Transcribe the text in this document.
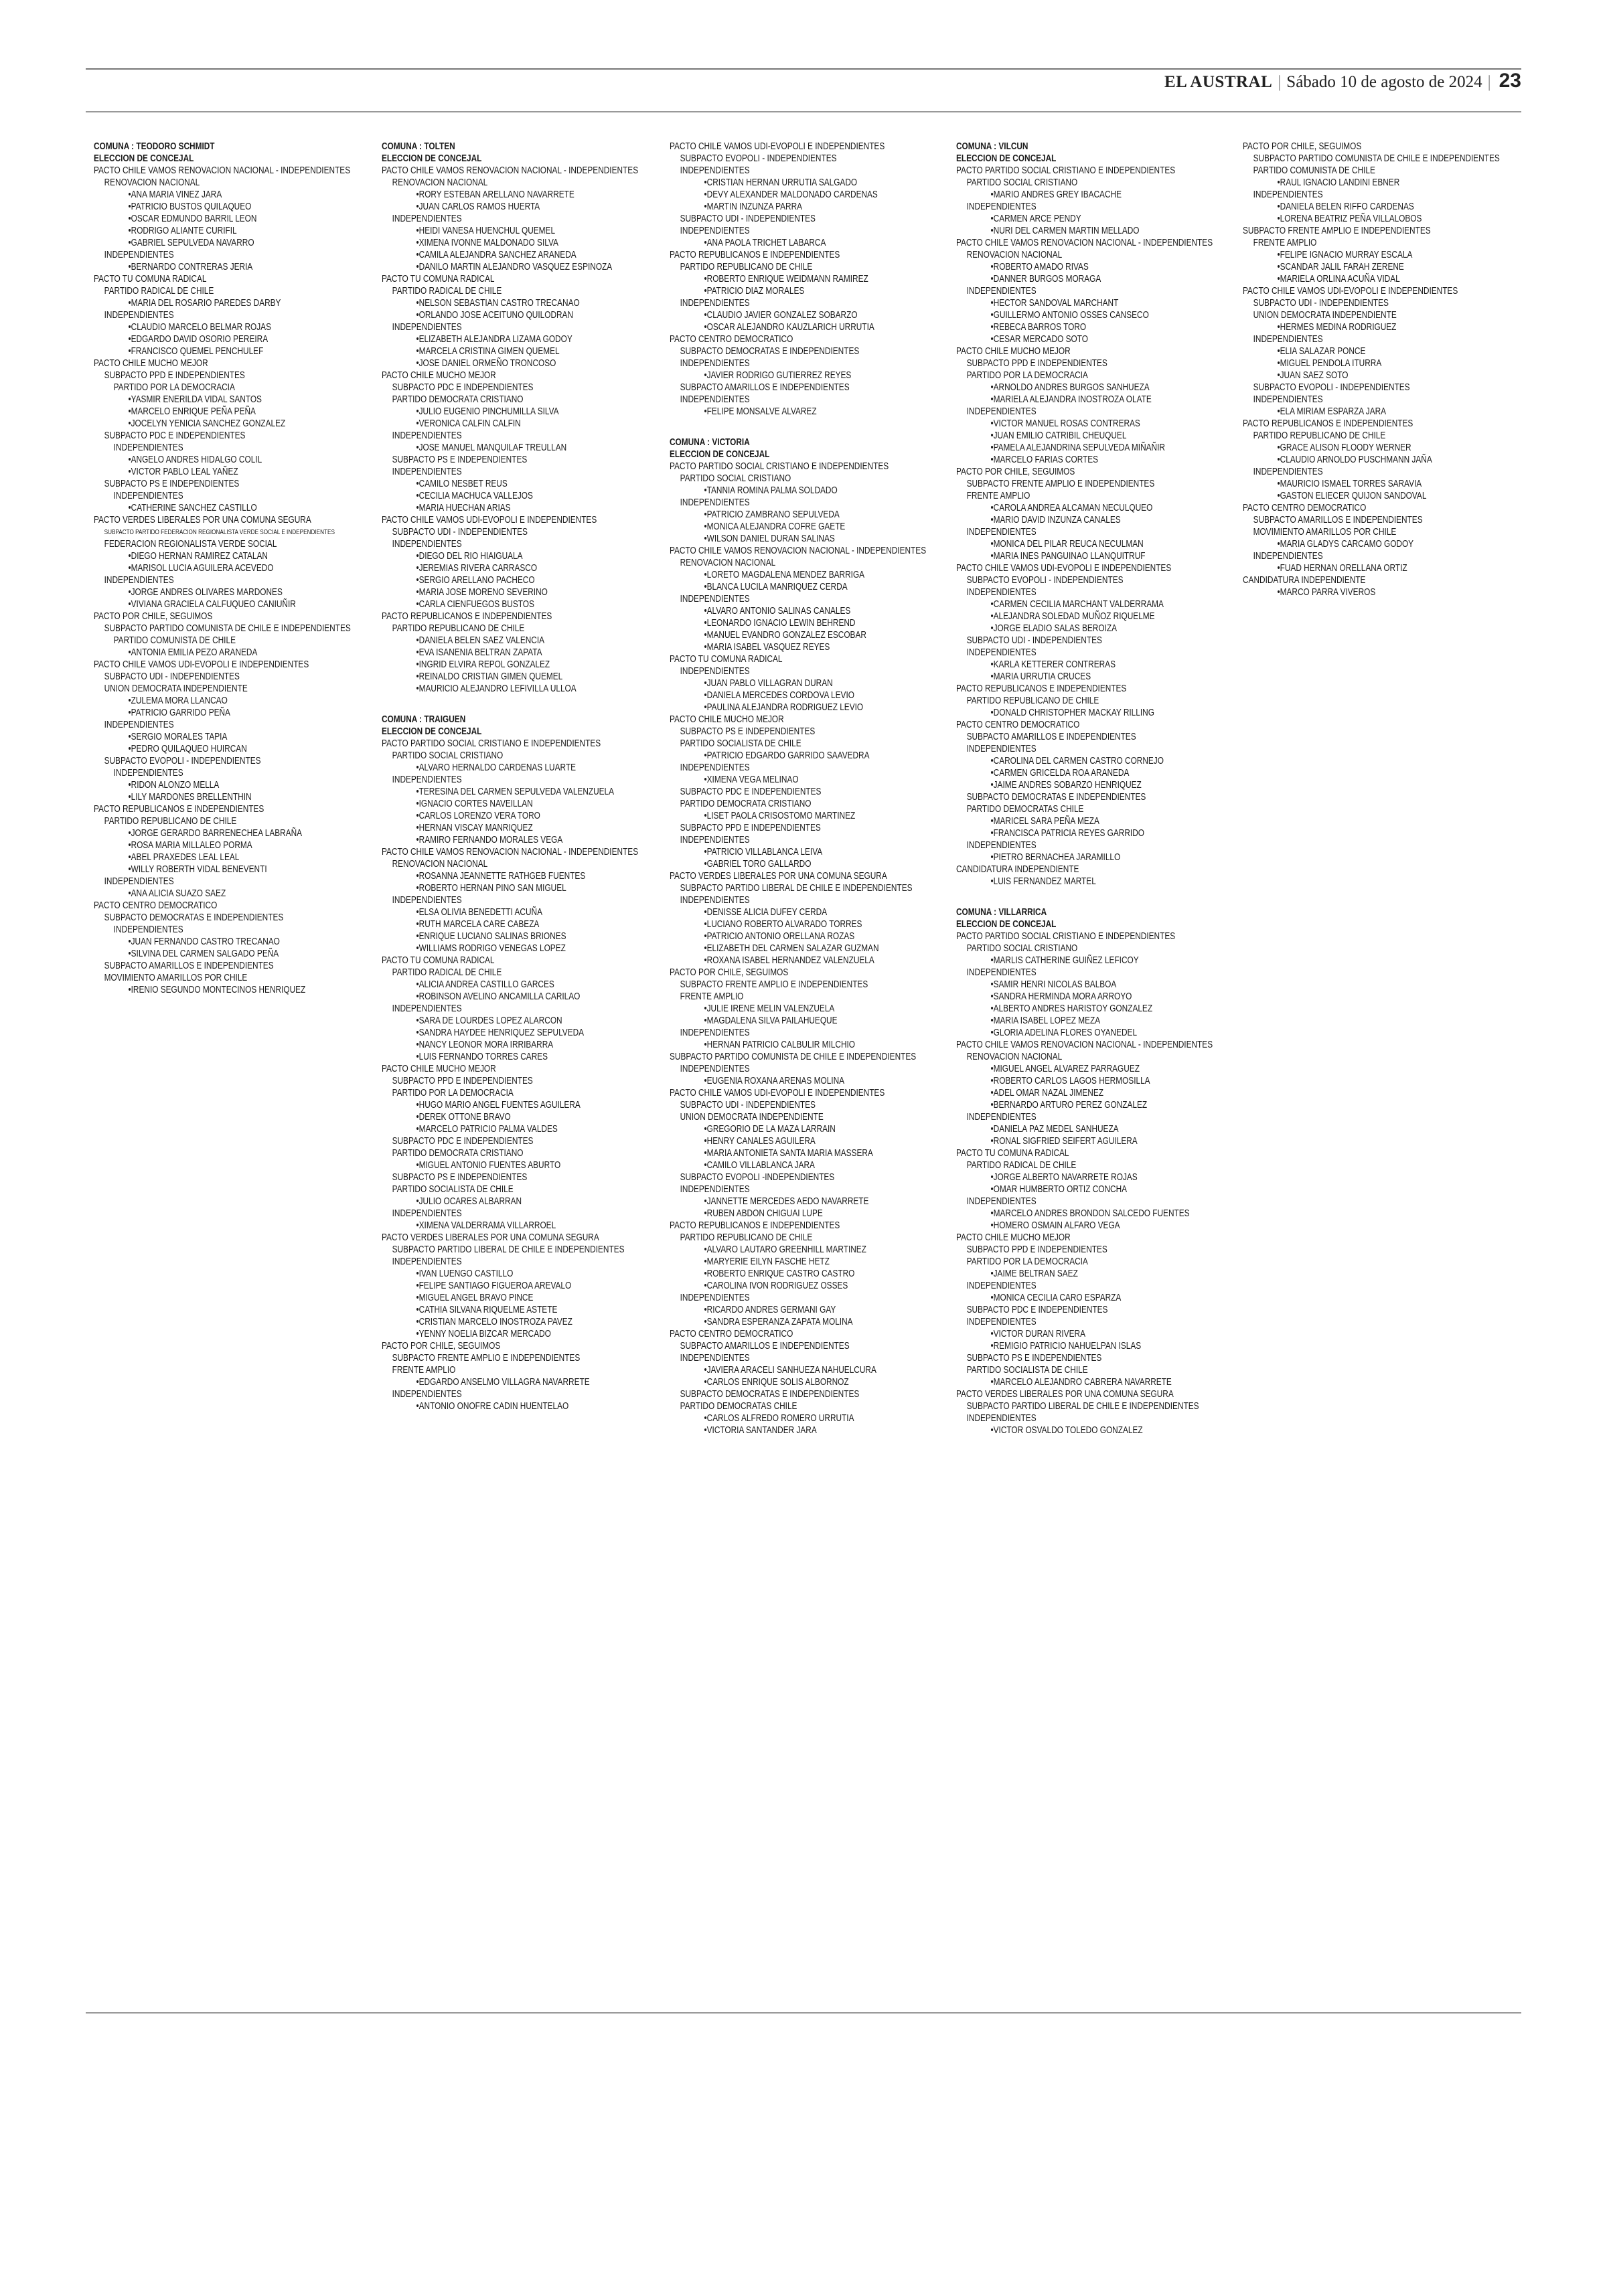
EL AUSTRAL | Sábado 10 de agosto de 2024 | 23
COMUNA : TEODORO SCHMIDT
ELECCION DE CONCEJAL
PACTO CHILE VAMOS RENOVACION NACIONAL - INDEPENDIENTES
RENOVACION NACIONAL
• ANA MARIA VINEZ JARA
• PATRICIO BUSTOS QUILAQUEO
• OSCAR EDMUNDO BARRIL LEON
• RODRIGO ALIANTE CURIFIL
• GABRIEL SEPULVEDA NAVARRO
INDEPENDIENTES
• BERNARDO CONTRERAS JERIA
PACTO TU COMUNA RADICAL
PARTIDO RADICAL DE CHILE
• MARIA DEL ROSARIO PAREDES DARBY
INDEPENDIENTES
• CLAUDIO MARCELO BELMAR ROJAS
• EDGARDO DAVID OSORIO PEREIRA
• FRANCISCO QUEMEL PENCHULEF
PACTO CHILE MUCHO MEJOR
SUBPACTO PPD E INDEPENDIENTES
PARTIDO POR LA DEMOCRACIA
• YASMIR ENERILDA VIDAL SANTOS
• MARCELO ENRIQUE PEÑA PEÑA
• JOCELYN YENICIA SANCHEZ GONZALEZ
SUBPACTO PDC E INDEPENDIENTES
INDEPENDIENTES
• ANGELO ANDRES HIDALGO COLIL
• VICTOR PABLO LEAL YAÑEZ
SUBPACTO PS E INDEPENDIENTES
INDEPENDIENTES
• CATHERINE SANCHEZ CASTILLO
PACTO VERDES LIBERALES POR UNA COMUNA SEGURA
SUBPACTO PARTIDO FEDERACION REGIONALISTA VERDE SOCIAL E INDEPENDIENTES
FEDERACION REGIONALISTA VERDE SOCIAL
• DIEGO HERNAN RAMIREZ CATALAN
• MARISOL LUCIA AGUILERA ACEVEDO
INDEPENDIENTES
• JORGE ANDRES OLIVARES MARDONES
• VIVIANA GRACIELA CALFUQUEO CANIUÑIR
PACTO POR CHILE, SEGUIMOS
SUBPACTO PARTIDO COMUNISTA DE CHILE E INDEPENDIENTES
PARTIDO COMUNISTA DE CHILE
• ANTONIA EMILIA PEZO ARANEDA
PACTO CHILE VAMOS UDI-EVOPOLI E INDEPENDIENTES
SUBPACTO UDI - INDEPENDIENTES
UNION DEMOCRATA INDEPENDIENTE
• ZULEMA MORA LLANCAO
• PATRICIO GARRIDO PEÑA
INDEPENDIENTES
• SERGIO MORALES TAPIA
• PEDRO QUILAQUEO HUIRCAN
SUBPACTO EVOPOLI - INDEPENDIENTES
INDEPENDIENTES
• RIDON ALONZO MELLA
• LILY MARDONES BRELLENTHIN
PACTO REPUBLICANOS E INDEPENDIENTES
PARTIDO REPUBLICANO DE CHILE
• JORGE GERARDO BARRENECHEA LABRAÑA
• ROSA MARIA MILLALEO PORMA
• ABEL PRAXEDES LEAL LEAL
• WILLY ROBERTH VIDAL BENEVENTI
INDEPENDIENTES
• ANA ALICIA SUAZO SAEZ
PACTO CENTRO DEMOCRATICO
SUBPACTO DEMOCRATAS E INDEPENDIENTES
INDEPENDIENTES
• JUAN FERNANDO CASTRO TRECANAO
• SILVINA DEL CARMEN SALGADO PEÑA
SUBPACTO AMARILLOS E INDEPENDIENTES
MOVIMIENTO AMARILLOS POR CHILE
• IRENIO SEGUNDO MONTECINOS HENRIQUEZ
COMUNA : TOLTEN
ELECCION DE CONCEJAL
PACTO CHILE VAMOS RENOVACION NACIONAL - INDEPENDIENTES
RENOVACION NACIONAL
• RORY ESTEBAN ARELLANO NAVARRETE
• JUAN CARLOS RAMOS HUERTA
INDEPENDIENTES
• HEIDI VANESA HUENCHUL QUEMEL
• XIMENA IVONNE MALDONADO SILVA
• CAMILA ALEJANDRA SANCHEZ ARANEDA
• DANILO MARTIN ALEJANDRO VASQUEZ ESPINOZA
PACTO TU COMUNA RADICAL
PARTIDO RADICAL DE CHILE
• NELSON SEBASTIAN CASTRO TRECANAO
• ORLANDO JOSE ACEITUNO QUILODRAN
INDEPENDIENTES
• ELIZABETH ALEJANDRA LIZAMA GODOY
• MARCELA CRISTINA GIMEN QUEMEL
• JOSE DANIEL ORMEÑO TRONCOSO
PACTO CHILE MUCHO MEJOR
SUBPACTO PDC E INDEPENDIENTES
PARTIDO DEMOCRATA CRISTIANO
• JULIO EUGENIO PINCHUMILLA SILVA
• VERONICA CALFIN CALFIN
INDEPENDIENTES
• JOSE MANUEL MANQUILAF TREULLAN
SUBPACTO PS E INDEPENDIENTES
INDEPENDIENTES
• CAMILO NESBET REUS
• CECILIA MACHUCA VALLEJOS
• MARIA HUECHAN ARIAS
PACTO CHILE VAMOS UDI-EVOPOLI E INDEPENDIENTES
SUBPACTO UDI - INDEPENDIENTES
INDEPENDIENTES
• DIEGO DEL RIO HIAIGUALA
• JEREMIAS RIVERA CARRASCO
• SERGIO ARELLANO PACHECO
• MARIA JOSE MORENO SEVERINO
• CARLA CIENFUEGOS BUSTOS
PACTO REPUBLICANOS E INDEPENDIENTES
PARTIDO REPUBLICANO DE CHILE
• DANIELA BELEN SAEZ VALENCIA
• EVA ISANENIA BELTRAN ZAPATA
• INGRID ELVIRA REPOL GONZALEZ
• REINALDO CRISTIAN GIMEN QUEMEL
• MAURICIO ALEJANDRO LEFIVILLA ULLOA
COMUNA : TRAIGUEN
ELECCION DE CONCEJAL
PACTO PARTIDO SOCIAL CRISTIANO E INDEPENDIENTES
PARTIDO SOCIAL CRISTIANO
• ALVARO HERNALDO CARDENAS LUARTE
INDEPENDIENTES
• TERESINA DEL CARMEN SEPULVEDA VALENZUELA
• IGNACIO CORTES NAVEILLAN
• CARLOS LORENZO VERA TORO
• HERNAN VISCAY MANRIQUEZ
• RAMIRO FERNANDO MORALES VEGA
PACTO CHILE VAMOS RENOVACION NACIONAL - INDEPENDIENTES
RENOVACION NACIONAL
• ROSANNA JEANNETTE RATHGEB FUENTES
• ROBERTO HERNAN PINO SAN MIGUEL
INDEPENDIENTES
• ELSA OLIVIA BENEDETTI ACUÑA
• RUTH MARCELA CARE CABEZA
• ENRIQUE LUCIANO SALINAS BRIONES
• WILLIAMS RODRIGO VENEGAS LOPEZ
PACTO TU COMUNA RADICAL
PARTIDO RADICAL DE CHILE
• ALICIA ANDREA CASTILLO GARCES
• ROBINSON AVELINO ANCAMILLA CARILAO
INDEPENDIENTES
• SARA DE LOURDES LOPEZ ALARCON
• SANDRA HAYDEE HENRIQUEZ SEPULVEDA
• NANCY LEONOR MORA IRRIBARRA
• LUIS FERNANDO TORRES CARES
PACTO CHILE MUCHO MEJOR
SUBPACTO PPD E INDEPENDIENTES
PARTIDO POR LA DEMOCRACIA
• HUGO MARIO ANGEL FUENTES AGUILERA
• DEREK OTTONE BRAVO
• MARCELO PATRICIO PALMA VALDES
SUBPACTO PDC E INDEPENDIENTES
PARTIDO DEMOCRATA CRISTIANO
• MIGUEL ANTONIO FUENTES ABURTO
SUBPACTO PS E INDEPENDIENTES
PARTIDO SOCIALISTA DE CHILE
• JULIO OCARES ALBARRAN
INDEPENDIENTES
• XIMENA VALDERRAMA VILLARROEL
PACTO VERDES LIBERALES POR UNA COMUNA SEGURA
SUBPACTO PARTIDO LIBERAL DE CHILE E INDEPENDIENTES
INDEPENDIENTES
• IVAN LUENGO CASTILLO
• FELIPE SANTIAGO FIGUEROA AREVALO
• MIGUEL ANGEL BRAVO PINCE
• CATHIA SILVANA RIQUELME ASTETE
• CRISTIAN MARCELO INOSTROZA PAVEZ
• YENNY NOELIA BIZCAR MERCADO
PACTO POR CHILE, SEGUIMOS
SUBPACTO FRENTE AMPLIO E INDEPENDIENTES
FRENTE AMPLIO
• EDGARDO ANSELMO VILLAGRA NAVARRETE
INDEPENDIENTES
• ANTONIO ONOFRE CADIN HUENTELAO
PACTO CHILE VAMOS UDI-EVOPOLI E INDEPENDIENTES
SUBPACTO EVOPOLI - INDEPENDIENTES
INDEPENDIENTES
• CRISTIAN HERNAN URRUTIA SALGADO
• DEVY ALEXANDER MALDONADO CARDENAS
• MARTIN INZUNZA PARRA
SUBPACTO UDI - INDEPENDIENTES
INDEPENDIENTES
• ANA PAOLA TRICHET LABARCA
PACTO REPUBLICANOS E INDEPENDIENTES
PARTIDO REPUBLICANO DE CHILE
• ROBERTO ENRIQUE WEIDMANN RAMIREZ
• PATRICIO DIAZ MORALES
INDEPENDIENTES
• CLAUDIO JAVIER GONZALEZ SOBARZO
• OSCAR ALEJANDRO KAUZLARICH URRUTIA
PACTO CENTRO DEMOCRATICO
SUBPACTO DEMOCRATAS E INDEPENDIENTES
INDEPENDIENTES
• JAVIER RODRIGO GUTIERREZ REYES
SUBPACTO AMARILLOS E INDEPENDIENTES
INDEPENDIENTES
• FELIPE MONSALVE ALVAREZ
COMUNA : VICTORIA
ELECCION DE CONCEJAL
PACTO PARTIDO SOCIAL CRISTIANO E INDEPENDIENTES
PARTIDO SOCIAL CRISTIANO
• TANNIA ROMINA PALMA SOLDADO
INDEPENDIENTES
• PATRICIO ZAMBRANO SEPULVEDA
• MONICA ALEJANDRA COFRE GAETE
• WILSON DANIEL DURAN SALINAS
PACTO CHILE VAMOS RENOVACION NACIONAL - INDEPENDIENTES
RENOVACION NACIONAL
• LORETO MAGDALENA MENDEZ BARRIGA
• BLANCA LUCILA MANRIQUEZ CERDA
INDEPENDIENTES
• ALVARO ANTONIO SALINAS CANALES
• LEONARDO IGNACIO LEWIN BEHREND
• MANUEL EVANDRO GONZALEZ ESCOBAR
• MARIA ISABEL VASQUEZ REYES
PACTO TU COMUNA RADICAL
INDEPENDIENTES
• JUAN PABLO VILLAGRAN DURAN
• DANIELA MERCEDES CORDOVA LEVIO
• PAULINA ALEJANDRA RODRIGUEZ LEVIO
PACTO CHILE MUCHO MEJOR
SUBPACTO PS E INDEPENDIENTES
PARTIDO SOCIALISTA DE CHILE
• PATRICIO EDGARDO GARRIDO SAAVEDRA
INDEPENDIENTES
• XIMENA VEGA MELINAO
SUBPACTO PDC E INDEPENDIENTES
PARTIDO DEMOCRATA CRISTIANO
• LISET PAOLA CRISOSTOMO MARTINEZ
SUBPACTO PPD E INDEPENDIENTES
INDEPENDIENTES
• PATRICIO VILLABLANCA LEIVA
• GABRIEL TORO GALLARDO
PACTO VERDES LIBERALES POR UNA COMUNA SEGURA
SUBPACTO PARTIDO LIBERAL DE CHILE E INDEPENDIENTES
INDEPENDIENTES
• DENISSE ALICIA DUFEY CERDA
• LUCIANO ROBERTO ALVARADO TORRES
• PATRICIO ANTONIO ORELLANA ROZAS
• ELIZABETH DEL CARMEN SALAZAR GUZMAN
• ROXANA ISABEL HERNANDEZ VALENZUELA
PACTO POR CHILE, SEGUIMOS
SUBPACTO FRENTE AMPLIO E INDEPENDIENTES
FRENTE AMPLIO
• JULIE IRENE MELIN VALENZUELA
• MAGDALENA SILVA PAILAHUEQUE
INDEPENDIENTES
• HERNAN PATRICIO CALBULIR MILCHIO
SUBPACTO PARTIDO COMUNISTA DE CHILE E INDEPENDIENTES
INDEPENDIENTES
• EUGENIA ROXANA ARENAS MOLINA
PACTO CHILE VAMOS UDI-EVOPOLI E INDEPENDIENTES
SUBPACTO UDI - INDEPENDIENTES
UNION DEMOCRATA INDEPENDIENTE
• GREGORIO DE LA MAZA LARRAIN
• HENRY CANALES AGUILERA
• MARIA ANTONIETA SANTA MARIA MASSERA
• CAMILO VILLABLANCA JARA
SUBPACTO EVOPOLI -INDEPENDIENTES
INDEPENDIENTES
• JANNETTE MERCEDES AEDO NAVARRETE
• RUBEN ABDON CHIGUAI LUPE
PACTO REPUBLICANOS E INDEPENDIENTES
PARTIDO REPUBLICANO DE CHILE
• ALVARO LAUTARO GREENHILL MARTINEZ
• MARYERIE EILYN FASCHE HETZ
• ROBERTO ENRIQUE CASTRO CASTRO
• CAROLINA IVON RODRIGUEZ OSSES
INDEPENDIENTES
• RICARDO ANDRES GERMANI GAY
• SANDRA ESPERANZA ZAPATA MOLINA
PACTO CENTRO DEMOCRATICO
SUBPACTO AMARILLOS E INDEPENDIENTES
INDEPENDIENTES
• JAVIERA ARACELI SANHUEZA NAHUELCURA
• CARLOS ENRIQUE SOLIS ALBORNOZ
SUBPACTO DEMOCRATAS E INDEPENDIENTES
PARTIDO DEMOCRATAS CHILE
• CARLOS ALFREDO ROMERO URRUTIA
• VICTORIA SANTANDER JARA
COMUNA : VILCUN
ELECCION DE CONCEJAL
PACTO PARTIDO SOCIAL CRISTIANO E INDEPENDIENTES
PARTIDO SOCIAL CRISTIANO
• MARIO ANDRES GREY IBACACHE
INDEPENDIENTES
• CARMEN ARCE PENDY
• NURI DEL CARMEN MARTIN MELLADO
PACTO CHILE VAMOS RENOVACION NACIONAL - INDEPENDIENTES
RENOVACION NACIONAL
• ROBERTO AMADO RIVAS
• DANNER BURGOS MORAGA
INDEPENDIENTES
• HECTOR SANDOVAL MARCHANT
• GUILLERMO ANTONIO OSSES CANSECO
• REBECA BARROS TORO
• CESAR MERCADO SOTO
PACTO CHILE MUCHO MEJOR
SUBPACTO PPD E INDEPENDIENTES
PARTIDO POR LA DEMOCRACIA
• ARNOLDO ANDRES BURGOS SANHUEZA
• MARIELA ALEJANDRA INOSTROZA OLATE
INDEPENDIENTES
• VICTOR MANUEL ROSAS CONTRERAS
• JUAN EMILIO CATRIBIL CHEUQUEL
• PAMELA ALEJANDRINA SEPULVEDA MIÑAÑIR
• MARCELO FARIAS CORTES
PACTO POR CHILE, SEGUIMOS
SUBPACTO FRENTE AMPLIO E INDEPENDIENTES
FRENTE AMPLIO
• CAROLA ANDREA ALCAMAN NECULQUEO
• MARIO DAVID INZUNZA CANALES
INDEPENDIENTES
• MONICA DEL PILAR REUCA NECULMAN
• MARIA INES PANGUINAO LLANQUITRUF
PACTO CHILE VAMOS UDI-EVOPOLI E INDEPENDIENTES
SUBPACTO EVOPOLI - INDEPENDIENTES
INDEPENDIENTES
• CARMEN CECILIA MARCHANT VALDERRAMA
• ALEJANDRA SOLEDAD MUÑOZ RIQUELME
• JORGE ELADIO SALAS BEROIZA
SUBPACTO UDI - INDEPENDIENTES
INDEPENDIENTES
• KARLA KETTERER CONTRERAS
• MARIA URRUTIA CRUCES
PACTO REPUBLICANOS E INDEPENDIENTES
PARTIDO REPUBLICANO DE CHILE
• DONALD CHRISTOPHER MACKAY RILLING
PACTO CENTRO DEMOCRATICO
SUBPACTO AMARILLOS E INDEPENDIENTES
INDEPENDIENTES
• CAROLINA DEL CARMEN CASTRO CORNEJO
• CARMEN GRICELDA ROA ARANEDA
• JAIME ANDRES SOBARZO HENRIQUEZ
SUBPACTO DEMOCRATAS E INDEPENDIENTES
PARTIDO DEMOCRATAS CHILE
• MARICEL SARA PEÑA MEZA
• FRANCISCA PATRICIA REYES GARRIDO
INDEPENDIENTES
• PIETRO BERNACHEA JARAMILLO
CANDIDATURA INDEPENDIENTE
• LUIS FERNANDEZ MARTEL
COMUNA : VILLARRICA
ELECCION DE CONCEJAL
PACTO PARTIDO SOCIAL CRISTIANO E INDEPENDIENTES
PARTIDO SOCIAL CRISTIANO
• MARLIS CATHERINE GUIÑEZ LEFICOY
INDEPENDIENTES
• SAMIR HENRI NICOLAS BALBOA
• SANDRA HERMINDA MORA ARROYO
• ALBERTO ANDRES HARISTOY GONZALEZ
• MARIA ISABEL LOPEZ MEZA
• GLORIA ADELINA FLORES OYANEDEL
PACTO CHILE VAMOS RENOVACION NACIONAL - INDEPENDIENTES
RENOVACION NACIONAL
• MIGUEL ANGEL ALVAREZ PARRAGUEZ
• ROBERTO CARLOS LAGOS HERMOSILLA
• ADEL OMAR NAZAL JIMENEZ
• BERNARDO ARTURO PEREZ GONZALEZ
INDEPENDIENTES
• DANIELA PAZ MEDEL SANHUEZA
• RONAL SIGFRIED SEIFERT AGUILERA
PACTO TU COMUNA RADICAL
PARTIDO RADICAL DE CHILE
• JORGE ALBERTO NAVARRETE ROJAS
• OMAR HUMBERTO ORTIZ CONCHA
INDEPENDIENTES
• MARCELO ANDRES BRONDON SALCEDO FUENTES
• HOMERO OSMAIN ALFARO VEGA
PACTO CHILE MUCHO MEJOR
SUBPACTO PPD E INDEPENDIENTES
PARTIDO POR LA DEMOCRACIA
• JAIME BELTRAN SAEZ
INDEPENDIENTES
• MONICA CECILIA CARO ESPARZA
SUBPACTO PDC E INDEPENDIENTES
INDEPENDIENTES
• VICTOR DURAN RIVERA
• REMIGIO PATRICIO NAHUELPAN ISLAS
SUBPACTO PS E INDEPENDIENTES
PARTIDO SOCIALISTA DE CHILE
• MARCELO ALEJANDRO CABRERA NAVARRETE
PACTO VERDES LIBERALES POR UNA COMUNA SEGURA
SUBPACTO PARTIDO LIBERAL DE CHILE E INDEPENDIENTES
INDEPENDIENTES
• VICTOR OSVALDO TOLEDO GONZALEZ
PACTO POR CHILE, SEGUIMOS
SUBPACTO PARTIDO COMUNISTA DE CHILE E INDEPENDIENTES
PARTIDO COMUNISTA DE CHILE
• RAUL IGNACIO LANDINI EBNER
INDEPENDIENTES
• DANIELA BELEN RIFFO CARDENAS
• LORENA BEATRIZ PEÑA VILLALOBOS
SUBPACTO FRENTE AMPLIO E INDEPENDIENTES
FRENTE AMPLIO
• FELIPE IGNACIO MURRAY ESCALA
• SCANDAR JALIL FARAH ZERENE
• MARIELA ORLINA ACUÑA VIDAL
PACTO CHILE VAMOS UDI-EVOPOLI E INDEPENDIENTES
SUBPACTO UDI - INDEPENDIENTES
UNION DEMOCRATA INDEPENDIENTE
• HERMES MEDINA RODRIGUEZ
INDEPENDIENTES
• ELIA SALAZAR PONCE
• MIGUEL PENDOLA ITURRA
• JUAN SAEZ SOTO
SUBPACTO EVOPOLI - INDEPENDIENTES
INDEPENDIENTES
• ELA MIRIAM ESPARZA JARA
PACTO REPUBLICANOS E INDEPENDIENTES
PARTIDO REPUBLICANO DE CHILE
• GRACE ALISON FLOODY WERNER
• CLAUDIO ARNOLDO PUSCHMANN JAÑA
INDEPENDIENTES
• MAURICIO ISMAEL TORRES SARAVIA
• GASTON ELIECER QUIJON SANDOVAL
PACTO CENTRO DEMOCRATICO
SUBPACTO AMARILLOS E INDEPENDIENTES
MOVIMIENTO AMARILLOS POR CHILE
• MARIA GLADYS CARCAMO GODOY
INDEPENDIENTES
• FUAD HERNAN ORELLANA ORTIZ
CANDIDATURA INDEPENDIENTE
• MARCO PARRA VIVEROS
